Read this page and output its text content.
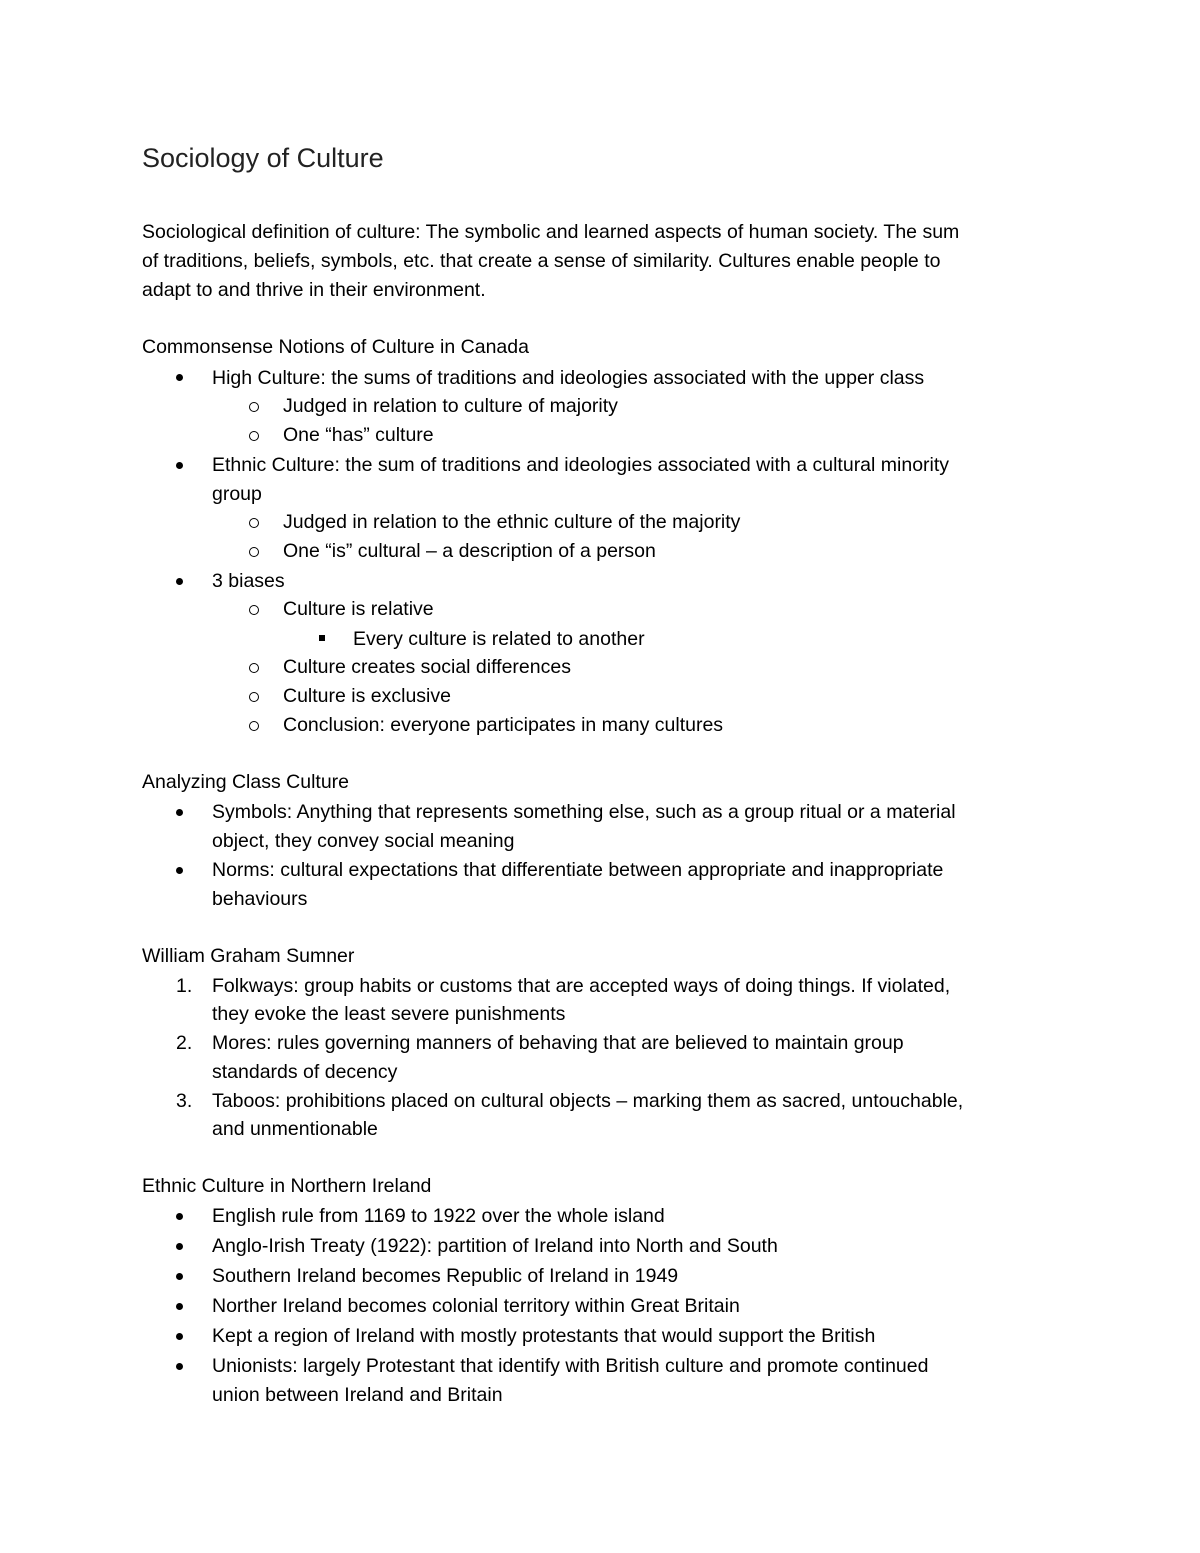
Sociology of Culture
Sociological definition of culture: The symbolic and learned aspects of human society. The sum
of traditions, beliefs, symbols, etc. that create a sense of similarity. Cultures enable people to
adapt to and thrive in their environment.
Commonsense Notions of Culture in Canada
High Culture: the sums of traditions and ideologies associated with the upper class
Judged in relation to culture of majority
One “has” culture
Ethnic Culture: the sum of traditions and ideologies associated with a cultural minority
group
Judged in relation to the ethnic culture of the majority
One “is” cultural – a description of a person
3 biases
Culture is relative
Every culture is related to another
Culture creates social differences
Culture is exclusive
Conclusion: everyone participates in many cultures
Analyzing Class Culture
Symbols: Anything that represents something else, such as a group ritual or a material
object, they convey social meaning
Norms: cultural expectations that differentiate between appropriate and inappropriate
behaviours
William Graham Sumner
1. Folkways: group habits or customs that are accepted ways of doing things. If violated,
they evoke the least severe punishments
2. Mores: rules governing manners of behaving that are believed to maintain group
standards of decency
3. Taboos: prohibitions placed on cultural objects – marking them as sacred, untouchable,
and unmentionable
Ethnic Culture in Northern Ireland
English rule from 1169 to 1922 over the whole island
Anglo-Irish Treaty (1922): partition of Ireland into North and South
Southern Ireland becomes Republic of Ireland in 1949
Norther Ireland becomes colonial territory within Great Britain
Kept a region of Ireland with mostly protestants that would support the British
Unionists: largely Protestant that identify with British culture and promote continued
union between Ireland and Britain
